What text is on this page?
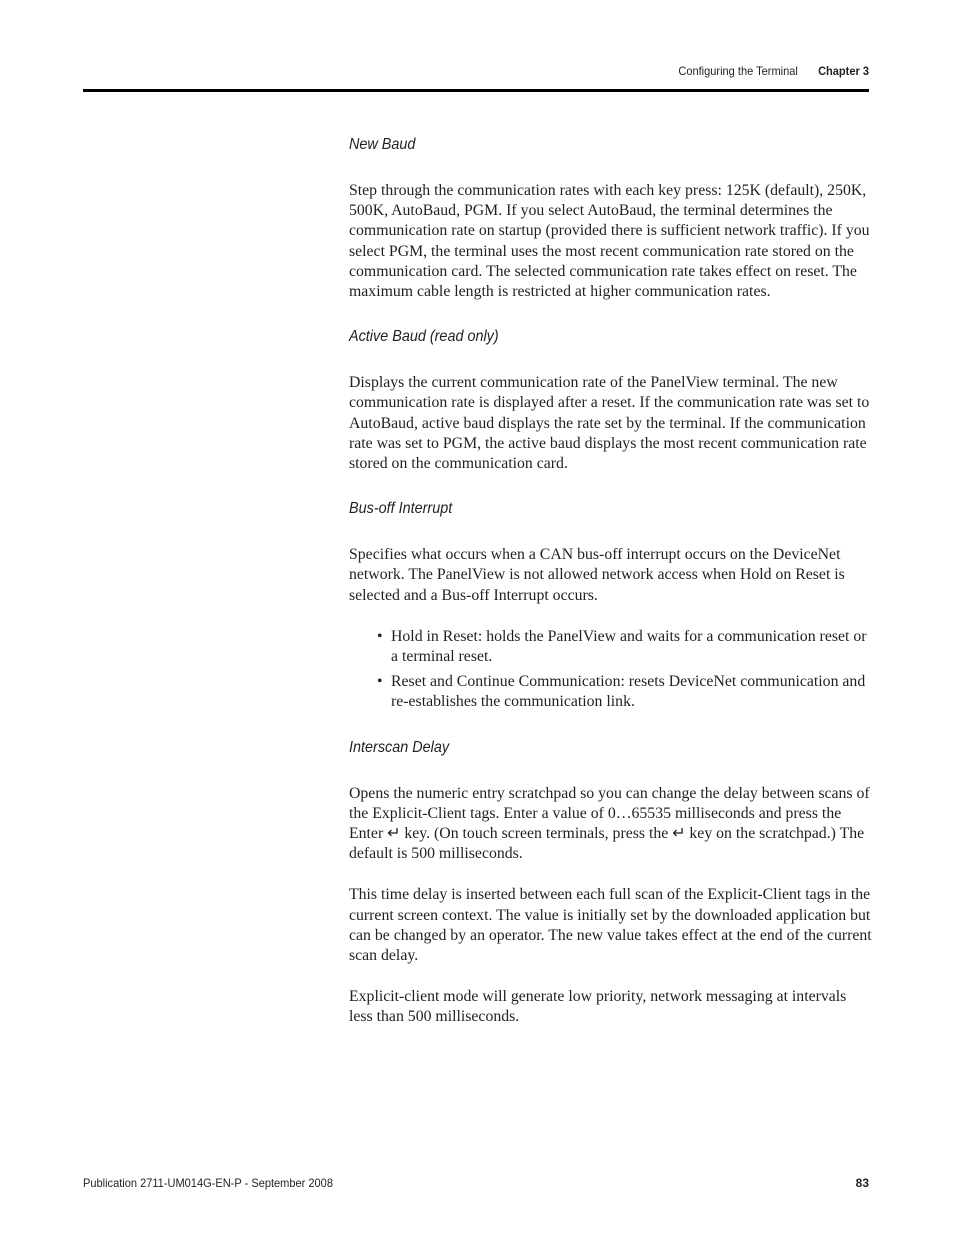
Configuring the Terminal Chapter 3
New Baud

Step through the communication rates with each key press: 125K (default), 250K, 500K, AutoBaud, PGM. If you select AutoBaud, the terminal determines the communication rate on startup (provided there is sufficient network traffic). If you select PGM, the terminal uses the most recent communication rate stored on the communication card. The selected communication rate takes effect on reset. The maximum cable length is restricted at higher communication rates.

Active Baud (read only)

Displays the current communication rate of the PanelView terminal. The new communication rate is displayed after a reset. If the communication rate was set to AutoBaud, active baud displays the rate set by the terminal. If the communication rate was set to PGM, the active baud displays the most recent communication rate stored on the communication card.

Bus-off Interrupt

Specifies what occurs when a CAN bus-off interrupt occurs on the DeviceNet network. The PanelView is not allowed network access when Hold on Reset is selected and a Bus-off Interrupt occurs.

• Hold in Reset: holds the PanelView and waits for a communication reset or a terminal reset.
• Reset and Continue Communication: resets DeviceNet communication and re-establishes the communication link.
Interscan Delay

Opens the numeric entry scratchpad so you can change the delay between scans of the Explicit-Client tags. Enter a value of 0…65535 milliseconds and press the Enter ↵ key. (On touch screen terminals, press the ↵ key on the scratchpad.) The default is 500 milliseconds.

This time delay is inserted between each full scan of the Explicit-Client tags in the current screen context. The value is initially set by the downloaded application but can be changed by an operator. The new value takes effect at the end of the current scan delay.

Explicit-client mode will generate low priority, network messaging at intervals less than 500 milliseconds.

Publication 2711-UM014G-EN-P - September 2008	83
